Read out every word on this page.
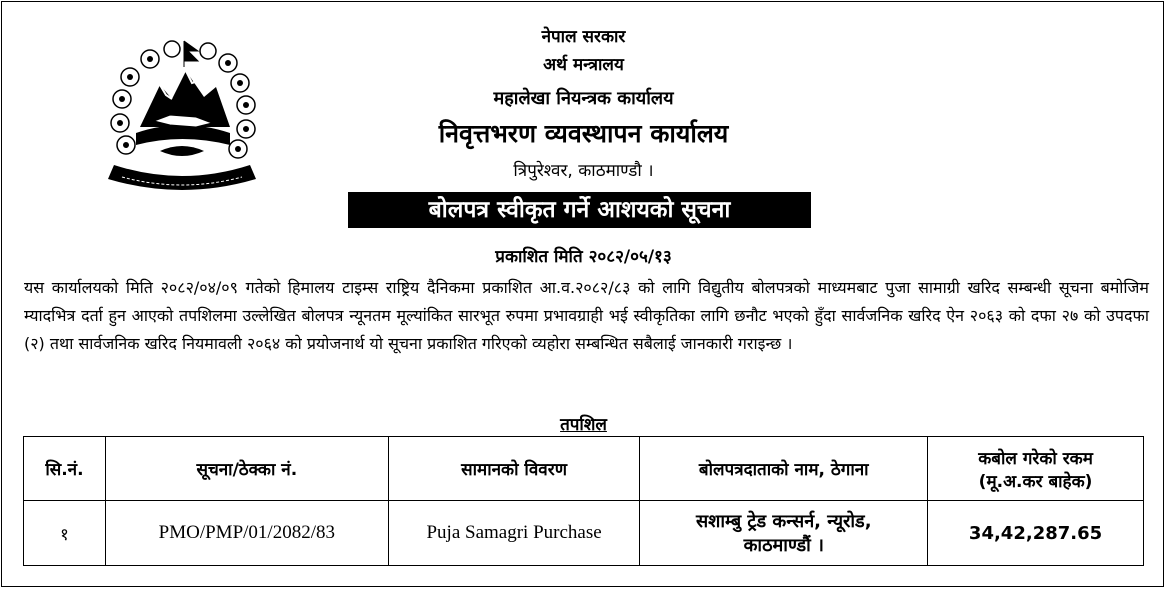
नेपाल सरकार
अर्थ मन्त्रालय
महालेखा नियन्त्रक कार्यालय
निवृत्तभरण व्यवस्थापन कार्यालय
त्रिपुरेश्वर, काठमाण्डौ ।
बोलपत्र स्वीकृत गर्ने आशयको सूचना
प्रकाशित मिति २०८२/०५/१३
यस कार्यालयको मिति २०८२/०४/०९ गतेको हिमालय टाइम्स राष्ट्रिय दैनिकमा प्रकाशित आ.व.२०८२/८३ को लागि विद्युतीय बोलपत्रको माध्यमबाट पुजा सामाग्री खरिद सम्बन्धी सूचना बमोजिम म्यादभित्र दर्ता हुन आएको तपशिलमा उल्लेखित बोलपत्र न्यूनतम मूल्यांकित सारभूत रुपमा प्रभावग्राही भई स्वीकृतिका लागि छनौट भएको हुँदा सार्वजनिक खरिद ऐन २०६३ को दफा २७ को उपदफा (२) तथा सार्वजनिक खरिद नियमावली २०६४ को प्रयोजनार्थ यो सूचना प्रकाशित गरिएको व्यहोरा सम्बन्धित सबैलाई जानकारी गराइन्छ ।
तपशिल
सि.नं.	सूचना/ठेक्का नं.	सामानको विवरण	बोलपत्रदाताको नाम, ठेगाना	कबोल गरेको रकम
(मू.अ.कर बाहेक)

१	PMO/PMP/01/2082/83	Puja Samagri Purchase	सशाम्बु ट्रेड कन्सर्न, न्यूरोड,
काठमाण्डौं ।	34,42,287.65
